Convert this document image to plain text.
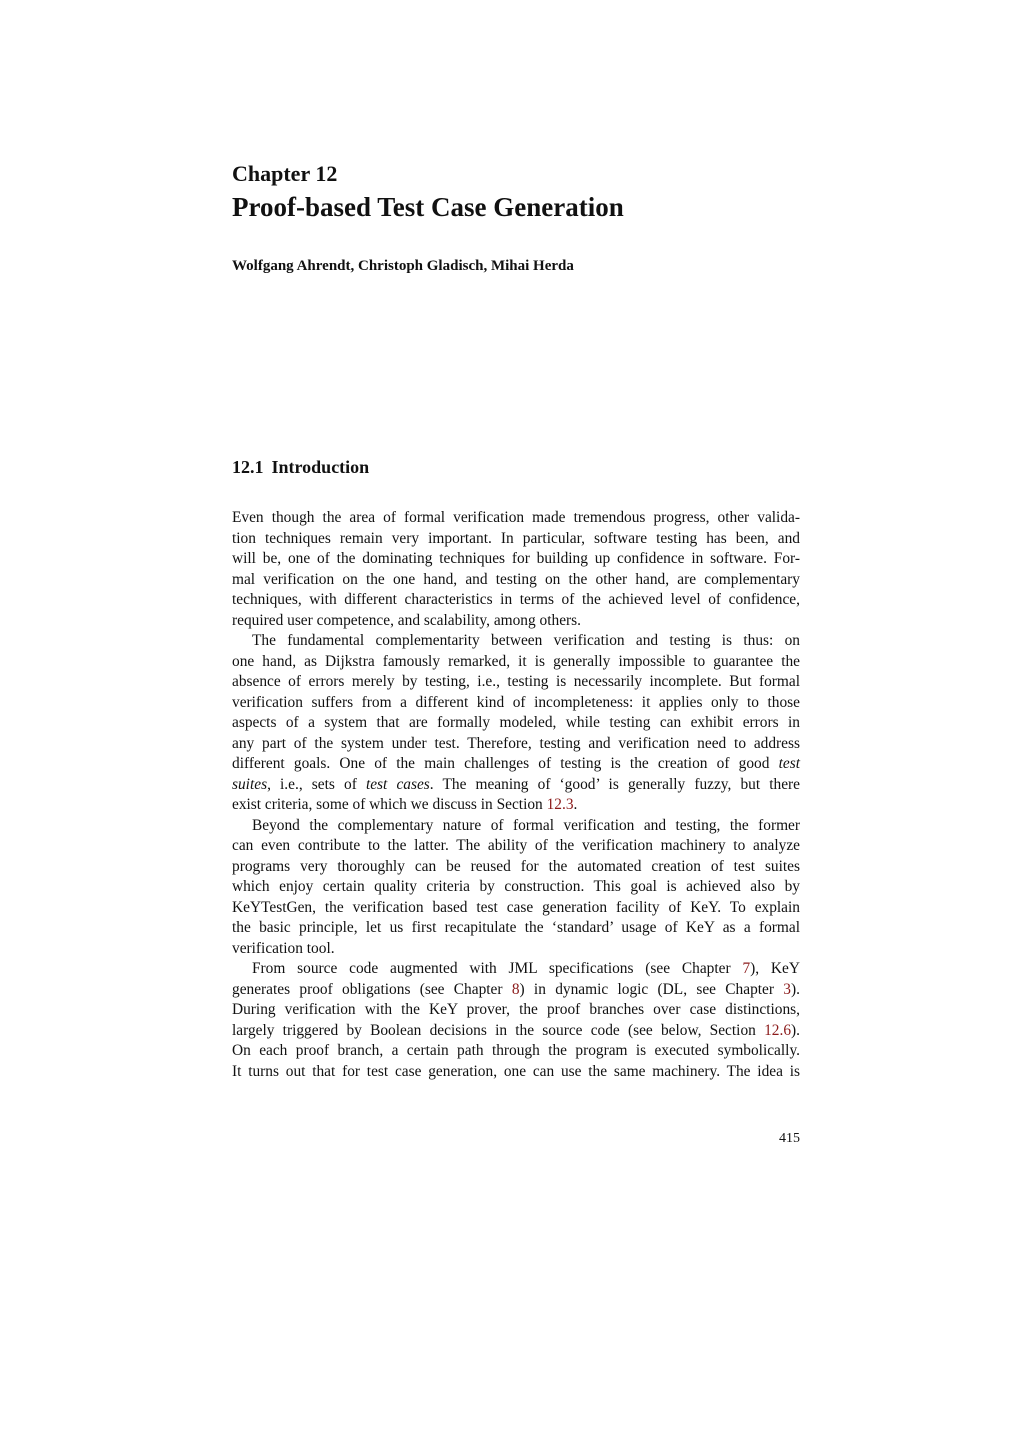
Chapter 12
Proof-based Test Case Generation
Wolfgang Ahrendt, Christoph Gladisch, Mihai Herda
12.1 Introduction
Even though the area of formal verification made tremendous progress, other valida-
tion techniques remain very important. In particular, software testing has been, and
will be, one of the dominating techniques for building up confidence in software. For-
mal verification on the one hand, and testing on the other hand, are complementary
techniques, with different characteristics in terms of the achieved level of confidence,
required user competence, and scalability, among others.
The fundamental complementarity between verification and testing is thus: on
one hand, as Dijkstra famously remarked, it is generally impossible to guarantee the
absence of errors merely by testing, i.e., testing is necessarily incomplete. But formal
verification suffers from a different kind of incompleteness: it applies only to those
aspects of a system that are formally modeled, while testing can exhibit errors in
any part of the system under test. Therefore, testing and verification need to address
different goals. One of the main challenges of testing is the creation of good test
suites, i.e., sets of test cases. The meaning of ‘good’ is generally fuzzy, but there
exist criteria, some of which we discuss in Section 12.3.
Beyond the complementary nature of formal verification and testing, the former
can even contribute to the latter. The ability of the verification machinery to analyze
programs very thoroughly can be reused for the automated creation of test suites
which enjoy certain quality criteria by construction. This goal is achieved also by
KeYTestGen, the verification based test case generation facility of KeY. To explain
the basic principle, let us first recapitulate the ‘standard’ usage of KeY as a formal
verification tool.
From source code augmented with JML specifications (see Chapter 7), KeY
generates proof obligations (see Chapter 8) in dynamic logic (DL, see Chapter 3).
During verification with the KeY prover, the proof branches over case distinctions,
largely triggered by Boolean decisions in the source code (see below, Section 12.6).
On each proof branch, a certain path through the program is executed symbolically.
It turns out that for test case generation, one can use the same machinery. The idea is
415
